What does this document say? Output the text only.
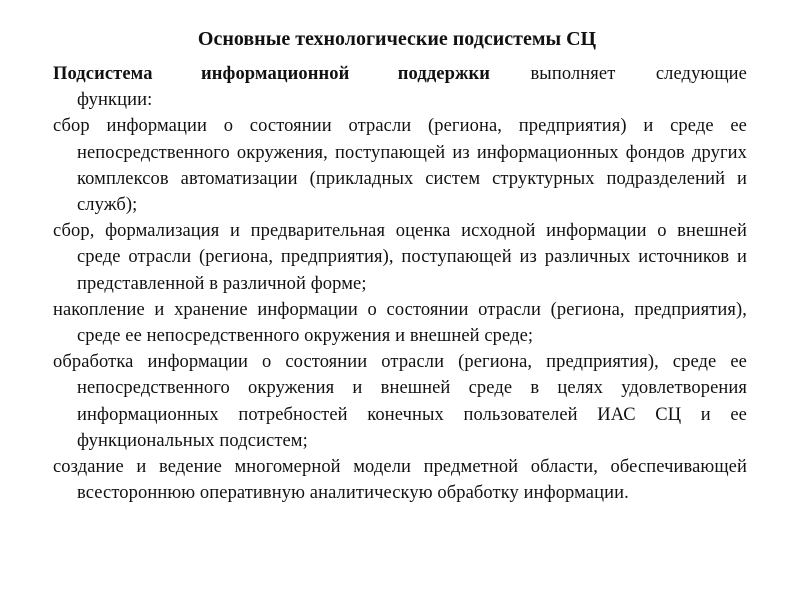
Основные технологические подсистемы СЦ

Подсистема информационной поддержки выполняет следующие функции:

сбор информации о состоянии отрасли (региона, предприятия) и среде ее непосредственного окружения, поступающей из информационных фондов других комплексов автоматизации (прикладных систем структурных подразделений и служб);

сбор, формализация и предварительная оценка исходной информации о внешней среде отрасли (региона, предприятия), поступающей из различных источников и представленной в различной форме;

накопление и хранение информации о состоянии отрасли (региона, предприятия), среде ее непосредственного окружения и внешней среде;

обработка информации о состоянии отрасли (региона, предприятия), среде ее непосредственного окружения и внешней среде в целях удовлетворения информационных потребностей конечных пользователей ИАС СЦ и ее функциональных подсистем;

создание и ведение многомерной модели предметной области, обеспечивающей всестороннюю оперативную аналитическую обработку информации.
